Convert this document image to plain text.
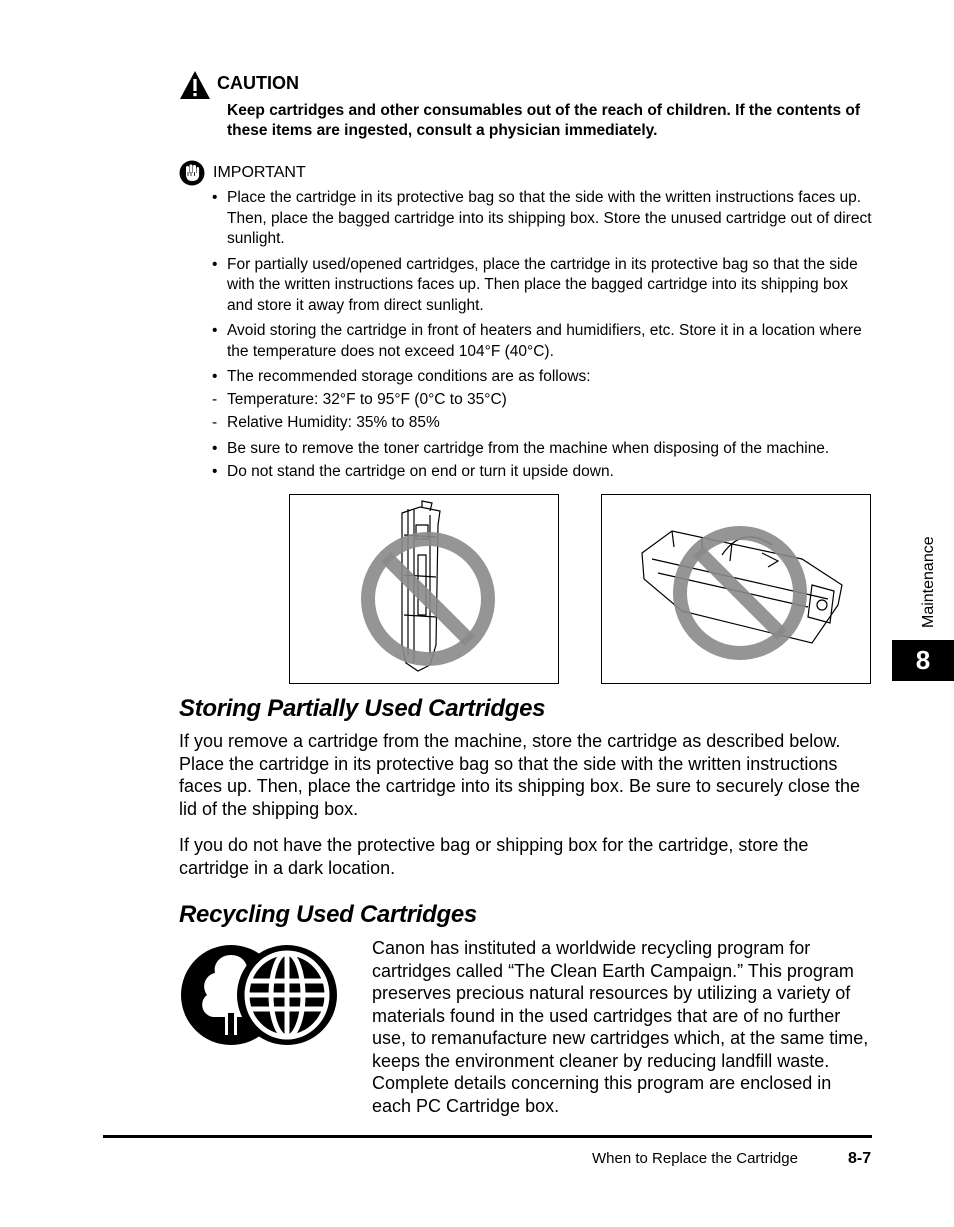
CAUTION
Keep cartridges and other consumables out of the reach of children. If the contents of these items are ingested, consult a physician immediately.
IMPORTANT
• Place the cartridge in its protective bag so that the side with the written instructions faces up. Then, place the bagged cartridge into its shipping box. Store the unused cartridge out of direct sunlight.
• For partially used/opened cartridges, place the cartridge in its protective bag so that the side with the written instructions faces up. Then place the bagged cartridge into its shipping box and store it away from direct sunlight.
• Avoid storing the cartridge in front of heaters and humidifiers, etc. Store it in a location where the temperature does not exceed 104°F (40°C).
• The recommended storage conditions are as follows:
- Temperature: 32°F to 95°F (0°C to 35°C)
- Relative Humidity: 35% to 85%
• Be sure to remove the toner cartridge from the machine when disposing of the machine.
• Do not stand the cartridge on end or turn it upside down.
Storing Partially Used Cartridges
If you remove a cartridge from the machine, store the cartridge as described below. Place the cartridge in its protective bag so that the side with the written instructions faces up. Then, place the cartridge into its shipping box. Be sure to securely close the lid of the shipping box.
If you do not have the protective bag or shipping box for the cartridge, store the cartridge in a dark location.
Recycling Used Cartridges
Canon has instituted a worldwide recycling program for cartridges called “The Clean Earth Campaign.” This program preserves precious natural resources by utilizing a variety of materials found in the used cartridges that are of no further use, to remanufacture new cartridges which, at the same time, keeps the environment cleaner by reducing landfill waste. Complete details concerning this program are enclosed in each PC Cartridge box.
Maintenance
8
When to Replace the Cartridge	8-7
